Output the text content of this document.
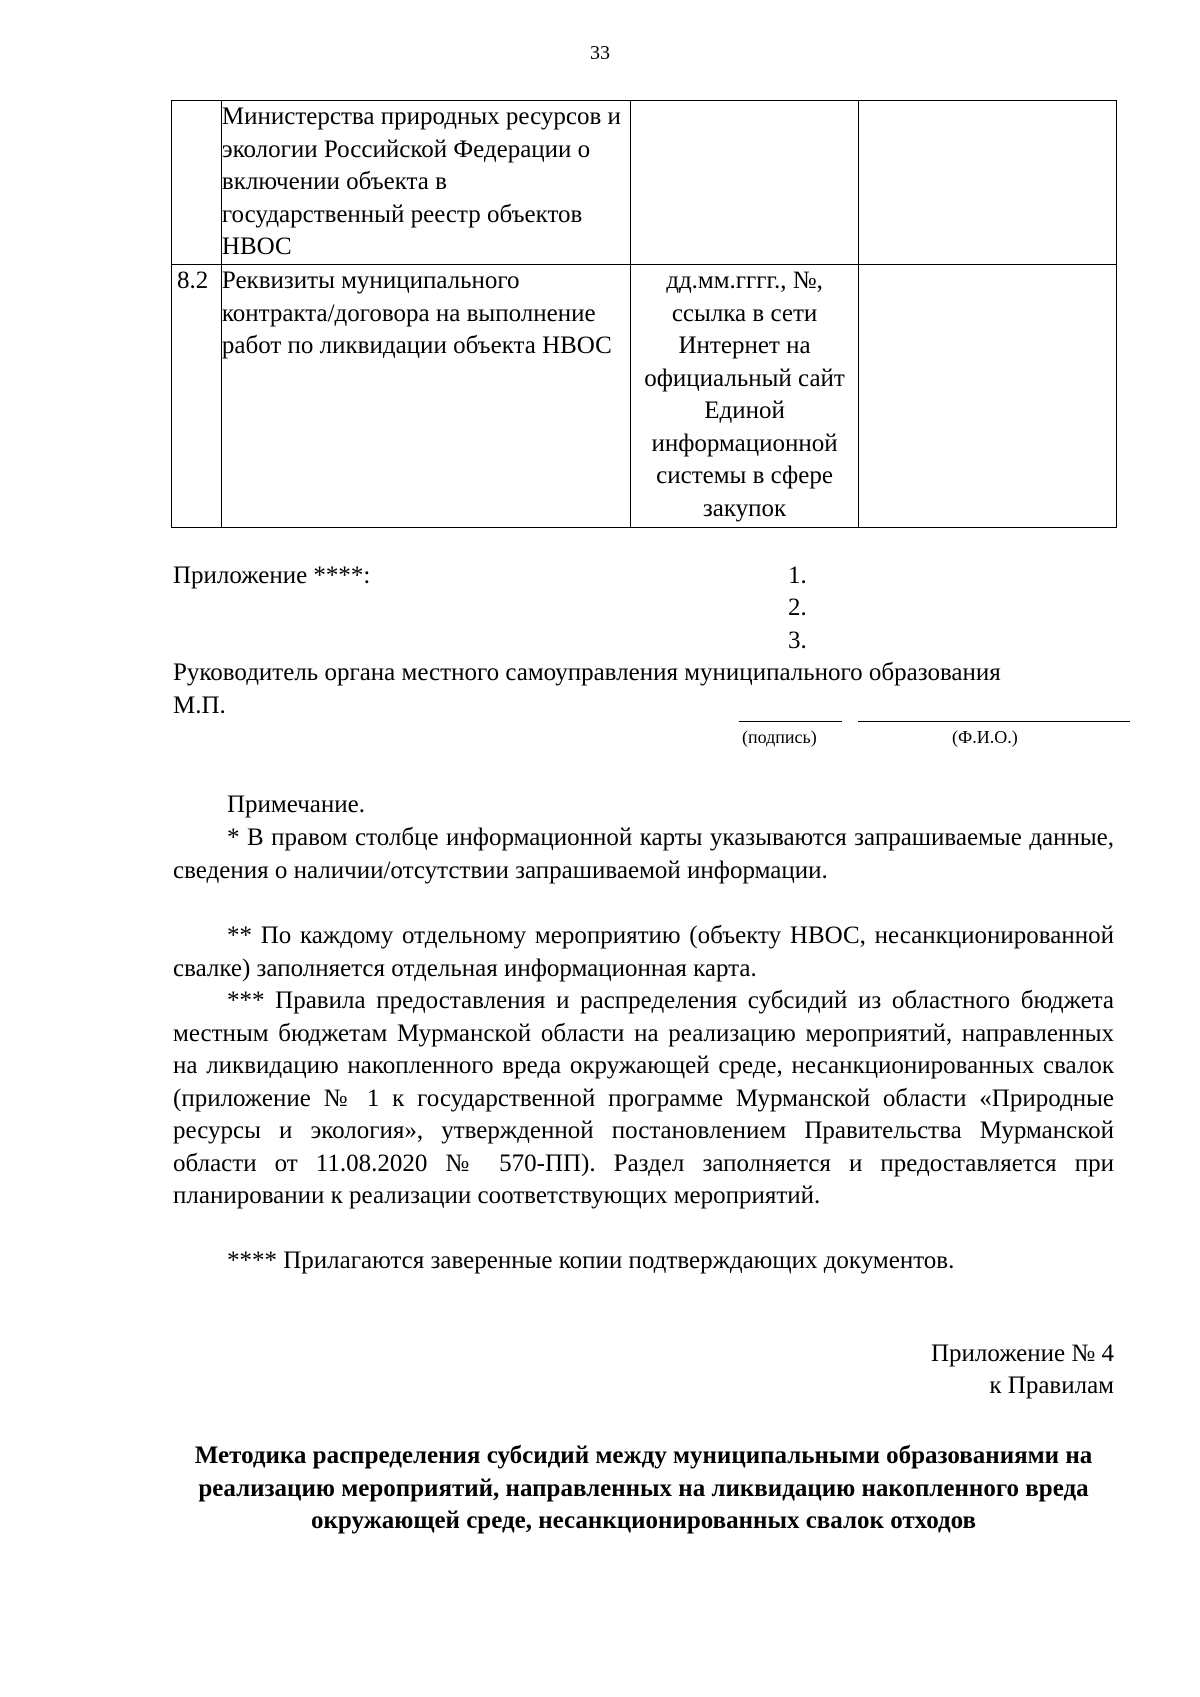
33
	Министерства природных ресурсов и экологии Российской Федерации о включении объекта в государственный реестр объектов НВОС		
8.2	Реквизиты муниципального контракта/договора на выполнение работ по ликвидации объекта НВОС	дд.мм.гггг., №, ссылка в сети Интернет на официальный сайт Единой информационной системы в сфере закупок	
Приложение ****:	1.
2.
3.
Руководитель органа местного самоуправления муниципального образования
М.П.
(подпись)	(Ф.И.О.)
Примечание.

* В правом столбце информационной карты указываются запрашиваемые данные, сведения о наличии/отсутствии запрашиваемой информации.

** По каждому отдельному мероприятию (объекту НВОС, несанкционированной свалке) заполняется отдельная информационная карта.

*** Правила предоставления и распределения субсидий из областного бюджета местным бюджетам Мурманской области на реализацию мероприятий, направленных на ликвидацию накопленного вреда окружающей среде, несанкционированных свалок (приложение № 1 к государственной программе Мурманской области «Природные ресурсы и экология», утвержденной постановлением Правительства Мурманской области от 11.08.2020 № 570-ПП). Раздел заполняется и предоставляется при планировании к реализации соответствующих мероприятий.

**** Прилагаются заверенные копии подтверждающих документов.

Приложение № 4
к Правилам

Методика распределения субсидий между муниципальными образованиями на реализацию мероприятий, направленных на ликвидацию накопленного вреда окружающей среде, несанкционированных свалок отходов
